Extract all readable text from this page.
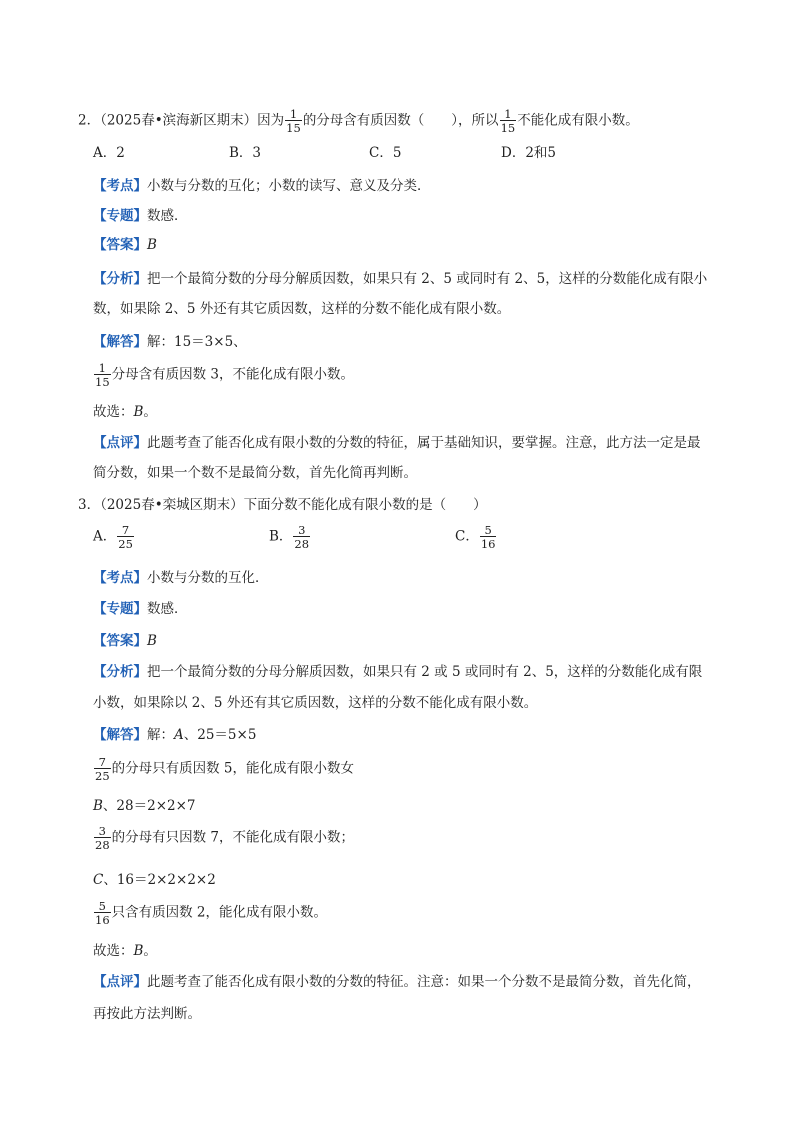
2．（2025春•滨海新区期末）因为 $\frac{1}{15}$ 的分母含有质因数（　　），所以 $\frac{1}{15}$ 不能化成有限小数。
A．2	B．3	C．5	D．2和5
【考点】小数与分数的互化；小数的读写、意义及分类．
【专题】数感．
【答案】B
【分析】把一个最简分数的分母分解质因数，如果只有 2、5 或同时有 2、5，这样的分数能化成有限小
数，如果除 2、5 外还有其它质因数，这样的分数不能化成有限小数。
【解答】解：15＝3×5、
$\frac{1}{15}$ 分母含有质因数 3，不能化成有限小数。
故选：B。
【点评】此题考查了能否化成有限小数的分数的特征，属于基础知识，要掌握。注意，此方法一定是最
简分数，如果一个数不是最简分数，首先化简再判断。
3．（2025春•栾城区期末）下面分数不能化成有限小数的是（　　）
A． $\frac{7}{25}$	B． $\frac{3}{28}$	C． $\frac{5}{16}$
【考点】小数与分数的互化．
【专题】数感．
【答案】B
【分析】把一个最简分数的分母分解质因数，如果只有 2 或 5 或同时有 2、5，这样的分数能化成有限
小数，如果除以 2、5 外还有其它质因数，这样的分数不能化成有限小数。
【解答】解：A、25＝5×5
$\frac{7}{25}$ 的分母只有质因数 5，能化成有限小数女
B、28＝2×2×7
$\frac{3}{28}$ 的分母有只因数 7，不能化成有限小数；
C、16＝2×2×2×2
$\frac{5}{16}$ 只含有质因数 2，能化成有限小数。
故选：B。
【点评】此题考查了能否化成有限小数的分数的特征。注意：如果一个分数不是最简分数，首先化简，
再按此方法判断。
